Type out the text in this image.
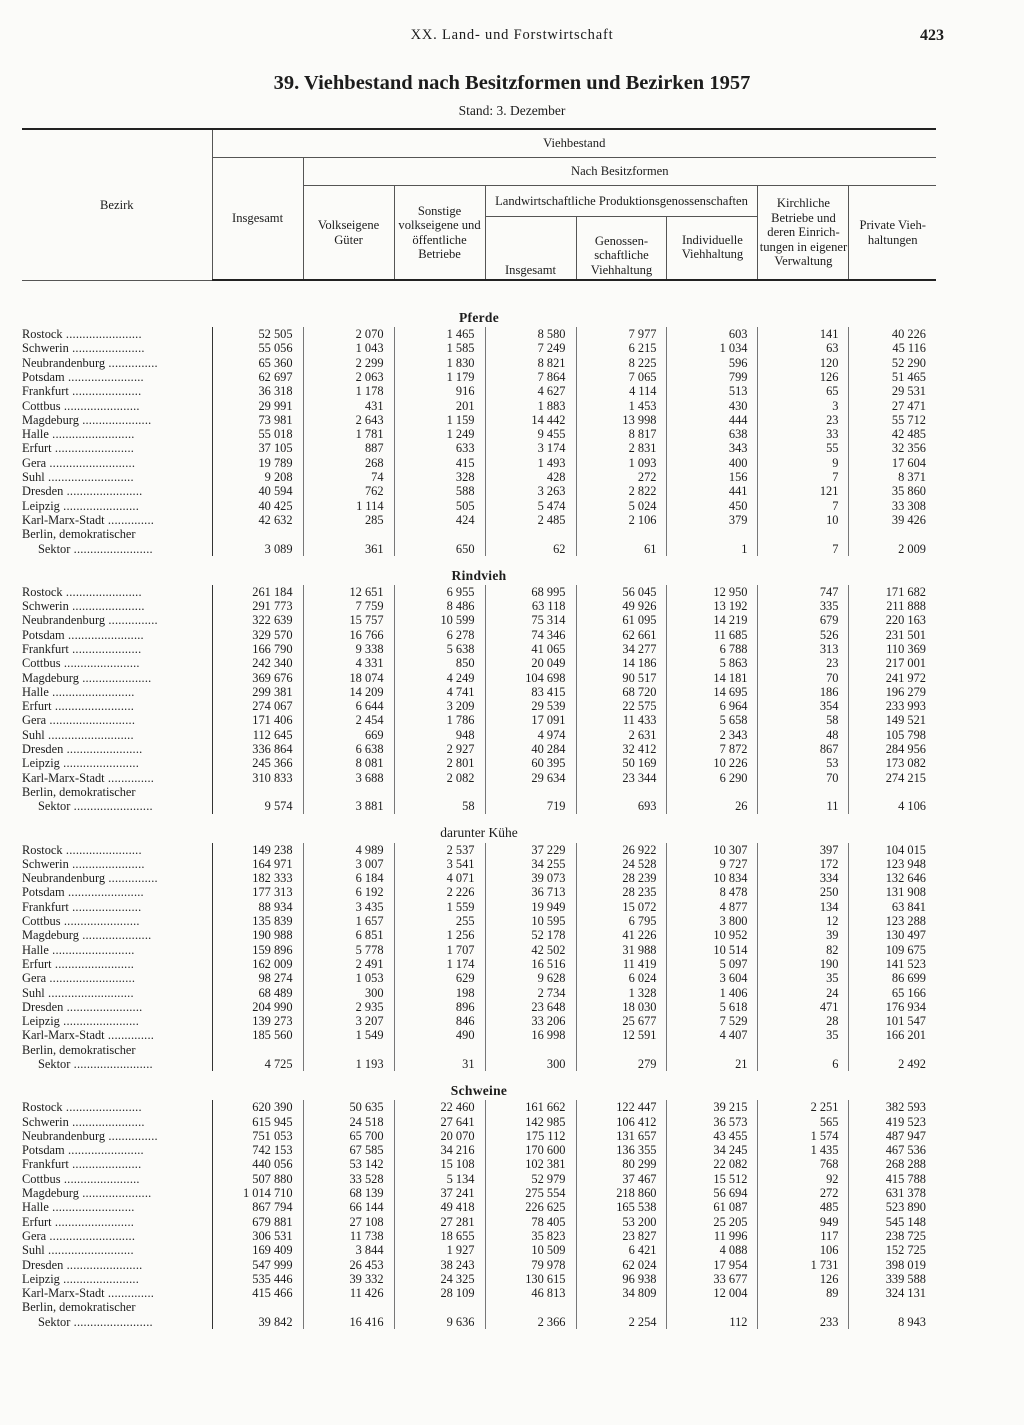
XX. Land- und Forstwirtschaft	423
39. Viehbestand nach Besitzformen und Bezirken 1957
Stand: 3. Dezember
Bezirk	Viehbestand							
	Insgesamt	Nach Besitzformen						
		Volkseigene Güter	Sonstige volkseigene und öffentliche Betriebe	Landwirtschaftliche Produktionsgenossenschaften			Kirchliche Betriebe und deren Einrich-tungen in eigener Verwaltung	Private Vieh-haltungen
				Insgesamt	Genossen-schaftliche Viehhaltung	Individuelle Viehhaltung		
Pferde								
Rostock .......................	52 505	2 070	1 465	8 580	7 977	603	141	40 226
Schwerin ......................	55 056	1 043	1 585	7 249	6 215	1 034	63	45 116
Neubrandenburg ...............	65 360	2 299	1 830	8 821	8 225	596	120	52 290
Potsdam .......................	62 697	2 063	1 179	7 864	7 065	799	126	51 465
Frankfurt .....................	36 318	1 178	916	4 627	4 114	513	65	29 531
Cottbus .......................	29 991	431	201	1 883	1 453	430	3	27 471
Magdeburg .....................	73 981	2 643	1 159	14 442	13 998	444	23	55 712
Halle .........................	55 018	1 781	1 249	9 455	8 817	638	33	42 485
Erfurt ........................	37 105	887	633	3 174	2 831	343	55	32 356
Gera ..........................	19 789	268	415	1 493	1 093	400	9	17 604
Suhl ..........................	9 208	74	328	428	272	156	7	8 371
Dresden .......................	40 594	762	588	3 263	2 822	441	121	35 860
Leipzig .......................	40 425	1 114	505	5 474	5 024	450	7	33 308
Karl-Marx-Stadt ..............	42 632	285	424	2 485	2 106	379	10	39 426
Berlin, demokratischer								
Sektor ........................	3 089	361	650	62	61	1	7	2 009
Rindvieh								
Rostock .......................	261 184	12 651	6 955	68 995	56 045	12 950	747	171 682
Schwerin ......................	291 773	7 759	8 486	63 118	49 926	13 192	335	211 888
Neubrandenburg ...............	322 639	15 757	10 599	75 314	61 095	14 219	679	220 163
Potsdam .......................	329 570	16 766	6 278	74 346	62 661	11 685	526	231 501
Frankfurt .....................	166 790	9 338	5 638	41 065	34 277	6 788	313	110 369
Cottbus .......................	242 340	4 331	850	20 049	14 186	5 863	23	217 001
Magdeburg .....................	369 676	18 074	4 249	104 698	90 517	14 181	70	241 972
Halle .........................	299 381	14 209	4 741	83 415	68 720	14 695	186	196 279
Erfurt ........................	274 067	6 644	3 209	29 539	22 575	6 964	354	233 993
Gera ..........................	171 406	2 454	1 786	17 091	11 433	5 658	58	149 521
Suhl ..........................	112 645	669	948	4 974	2 631	2 343	48	105 798
Dresden .......................	336 864	6 638	2 927	40 284	32 412	7 872	867	284 956
Leipzig .......................	245 366	8 081	2 801	60 395	50 169	10 226	53	173 082
Karl-Marx-Stadt ..............	310 833	3 688	2 082	29 634	23 344	6 290	70	274 215
Berlin, demokratischer								
Sektor ........................	9 574	3 881	58	719	693	26	11	4 106
darunter Kühe								
Rostock .......................	149 238	4 989	2 537	37 229	26 922	10 307	397	104 015
Schwerin ......................	164 971	3 007	3 541	34 255	24 528	9 727	172	123 948
Neubrandenburg ...............	182 333	6 184	4 071	39 073	28 239	10 834	334	132 646
Potsdam .......................	177 313	6 192	2 226	36 713	28 235	8 478	250	131 908
Frankfurt .....................	88 934	3 435	1 559	19 949	15 072	4 877	134	63 841
Cottbus .......................	135 839	1 657	255	10 595	6 795	3 800	12	123 288
Magdeburg .....................	190 988	6 851	1 256	52 178	41 226	10 952	39	130 497
Halle .........................	159 896	5 778	1 707	42 502	31 988	10 514	82	109 675
Erfurt ........................	162 009	2 491	1 174	16 516	11 419	5 097	190	141 523
Gera ..........................	98 274	1 053	629	9 628	6 024	3 604	35	86 699
Suhl ..........................	68 489	300	198	2 734	1 328	1 406	24	65 166
Dresden .......................	204 990	2 935	896	23 648	18 030	5 618	471	176 934
Leipzig .......................	139 273	3 207	846	33 206	25 677	7 529	28	101 547
Karl-Marx-Stadt ..............	185 560	1 549	490	16 998	12 591	4 407	35	166 201
Berlin, demokratischer								
Sektor ........................	4 725	1 193	31	300	279	21	6	2 492
Schweine								
Rostock .......................	620 390	50 635	22 460	161 662	122 447	39 215	2 251	382 593
Schwerin ......................	615 945	24 518	27 641	142 985	106 412	36 573	565	419 523
Neubrandenburg ...............	751 053	65 700	20 070	175 112	131 657	43 455	1 574	487 947
Potsdam .......................	742 153	67 585	34 216	170 600	136 355	34 245	1 435	467 536
Frankfurt .....................	440 056	53 142	15 108	102 381	80 299	22 082	768	268 288
Cottbus .......................	507 880	33 528	5 134	52 979	37 467	15 512	92	415 788
Magdeburg .....................	1 014 710	68 139	37 241	275 554	218 860	56 694	272	631 378
Halle .........................	867 794	66 144	49 418	226 625	165 538	61 087	485	523 890
Erfurt ........................	679 881	27 108	27 281	78 405	53 200	25 205	949	545 148
Gera ..........................	306 531	11 738	18 655	35 823	23 827	11 996	117	238 725
Suhl ..........................	169 409	3 844	1 927	10 509	6 421	4 088	106	152 725
Dresden .......................	547 999	26 453	38 243	79 978	62 024	17 954	1 731	398 019
Leipzig .......................	535 446	39 332	24 325	130 615	96 938	33 677	126	339 588
Karl-Marx-Stadt ..............	415 466	11 426	28 109	46 813	34 809	12 004	89	324 131
Berlin, demokratischer								
Sektor ........................	39 842	16 416	9 636	2 366	2 254	112	233	8 943
